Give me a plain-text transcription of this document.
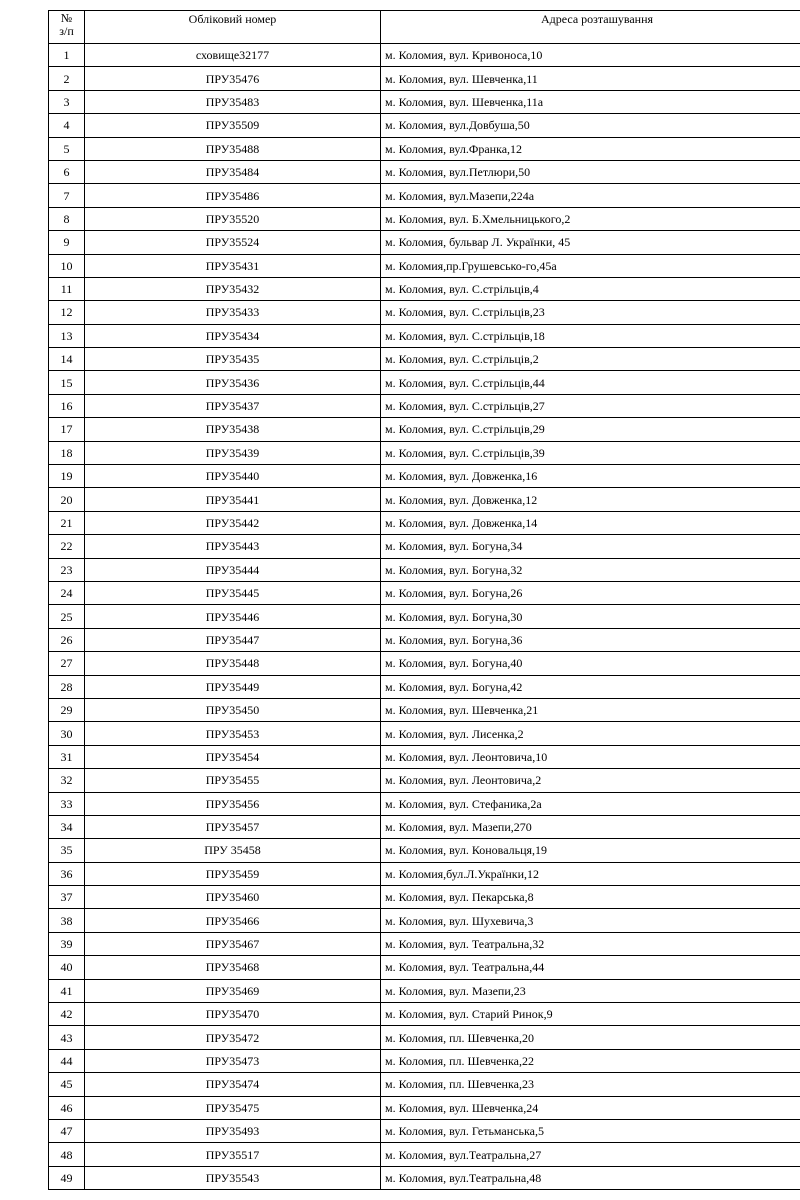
№
з/п	Обліковий номер	Адреса розташування
1	сховище32177	м. Коломия, вул. Кривоноса,10
2	ПРУ35476	м. Коломия, вул. Шевченка,11
3	ПРУ35483	м. Коломия, вул. Шевченка,11а
4	ПРУ35509	м. Коломия, вул.Довбуша,50
5	ПРУ35488	м. Коломия, вул.Франка,12
6	ПРУ35484	м. Коломия, вул.Петлюри,50
7	ПРУ35486	м. Коломия, вул.Мазепи,224а
8	ПРУ35520	м. Коломия, вул. Б.Хмельницького,2
9	ПРУ35524	м. Коломия, бульвар Л. Українки, 45
10	ПРУ35431	м. Коломия,пр.Грушевсько-го,45а
11	ПРУ35432	м. Коломия, вул. С.стрільців,4
12	ПРУ35433	м. Коломия, вул. С.стрільців,23
13	ПРУ35434	м. Коломия, вул. С.стрільців,18
14	ПРУ35435	м. Коломия, вул. С.стрільців,2
15	ПРУ35436	м. Коломия, вул. С.стрільців,44
16	ПРУ35437	м. Коломия, вул. С.стрільців,27
17	ПРУ35438	м. Коломия, вул. С.стрільців,29
18	ПРУ35439	м. Коломия, вул. С.стрільців,39
19	ПРУ35440	м. Коломия, вул. Довженка,16
20	ПРУ35441	м. Коломия, вул. Довженка,12
21	ПРУ35442	м. Коломия, вул. Довженка,14
22	ПРУ35443	м. Коломия, вул. Богуна,34
23	ПРУ35444	м. Коломия, вул. Богуна,32
24	ПРУ35445	м. Коломия, вул. Богуна,26
25	ПРУ35446	м. Коломия, вул. Богуна,30
26	ПРУ35447	м. Коломия, вул. Богуна,36
27	ПРУ35448	м. Коломия, вул. Богуна,40
28	ПРУ35449	м. Коломия, вул. Богуна,42
29	ПРУ35450	м. Коломия, вул. Шевченка,21
30	ПРУ35453	м. Коломия, вул. Лисенка,2
31	ПРУ35454	м. Коломия, вул. Леонтовича,10
32	ПРУ35455	м. Коломия, вул. Леонтовича,2
33	ПРУ35456	м. Коломия, вул. Стефаника,2а
34	ПРУ35457	м. Коломия, вул. Мазепи,270
35	ПРУ 35458	м. Коломия, вул. Коновальця,19
36	ПРУ35459	м. Коломия,бул.Л.Українки,12
37	ПРУ35460	м. Коломия, вул. Пекарська,8
38	ПРУ35466	м. Коломия, вул. Шухевича,3
39	ПРУ35467	м. Коломия, вул. Театральна,32
40	ПРУ35468	м. Коломия, вул. Театральна,44
41	ПРУ35469	м. Коломия, вул. Мазепи,23
42	ПРУ35470	м. Коломия, вул. Старий Ринок,9
43	ПРУ35472	м. Коломия, пл. Шевченка,20
44	ПРУ35473	м. Коломия, пл. Шевченка,22
45	ПРУ35474	м. Коломия, пл. Шевченка,23
46	ПРУ35475	м. Коломия, вул. Шевченка,24
47	ПРУ35493	м. Коломия, вул. Гетьманська,5
48	ПРУ35517	м. Коломия, вул.Театральна,27
49	ПРУ35543	м. Коломия, вул.Театральна,48
